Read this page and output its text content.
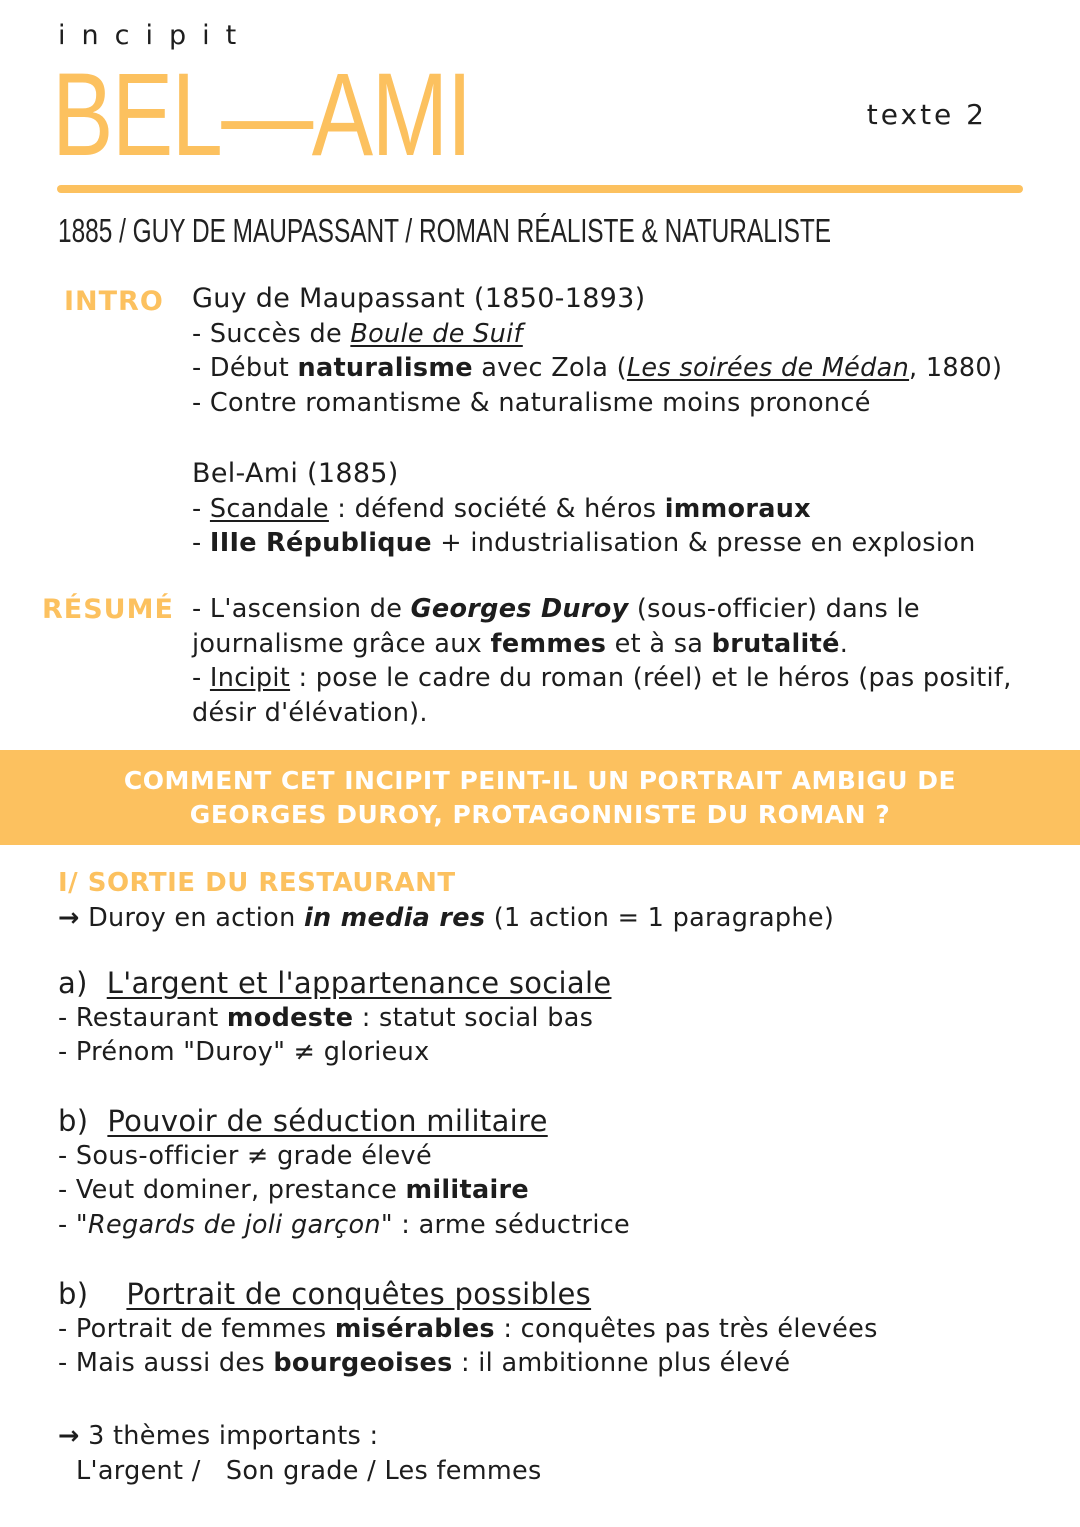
incipit
BEL—AMI	texte 2
1885 / GUY DE MAUPASSANT / ROMAN RÉALISTE & NATURALISTE
INTRO Guy de Maupassant (1850-1893)

- Succès de Boule de Suif

- Début naturalisme avec Zola (Les soirées de Médan, 1880)

- Contre romantisme & naturalisme moins prononcé

Bel-Ami (1885)

- Scandale : défend société & héros immoraux

- IIIe République + industrialisation & presse en explosion

RÉSUMÉ - L'ascension de Georges Duroy (sous-officier) dans le

journalisme grâce aux femmes et à sa brutalité.

- Incipit : pose le cadre du roman (réel) et le héros (pas positif,

désir d'élévation).

COMMENT CET INCIPIT PEINT-IL UN PORTRAIT AMBIGU DE
GEORGES DUROY, PROTAGONNISTE DU ROMAN ?
I/ SORTIE DU RESTAURANT

→ Duroy en action in media res (1 action = 1 paragraphe)

a) L'argent et l'appartenance sociale

- Restaurant modeste : statut social bas

- Prénom "Duroy" ≠ glorieux

b) Pouvoir de séduction militaire

- Sous-officier ≠ grade élevé

- Veut dominer, prestance militaire

- "Regards de joli garçon" : arme séductrice

b) Portrait de conquêtes possibles

- Portrait de femmes misérables : conquêtes pas très élevées

- Mais aussi des bourgeoises : il ambitionne plus élevé

→ 3 thèmes importants :

L'argent /   Son grade / Les femmes
